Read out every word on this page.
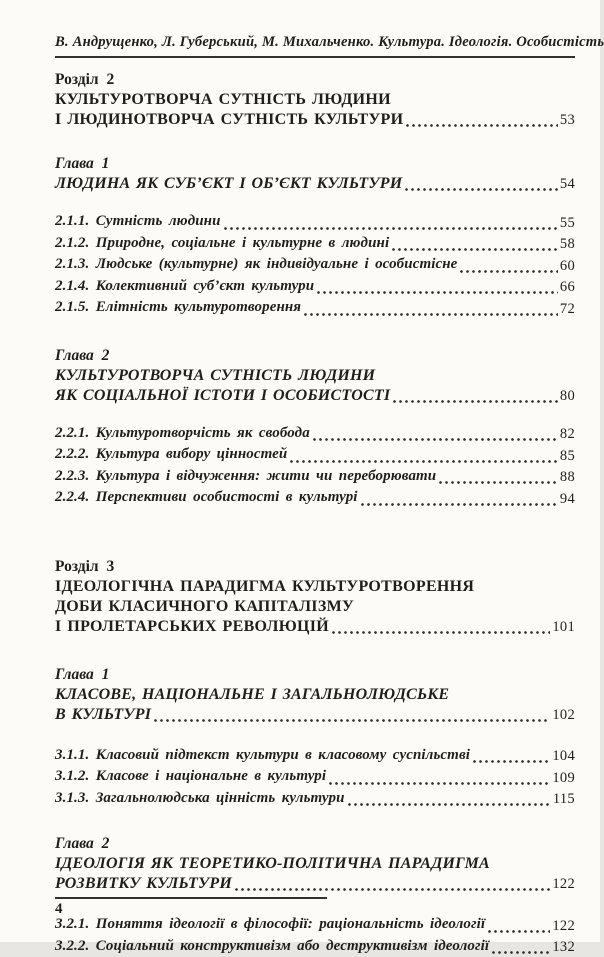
В. Андрущенко, Л. Губерський, М. Михальченко. Культура. Ідеологія. Особистість
Розділ 2
КУЛЬТУРОТВОРЧА СУТНІСТЬ ЛЮДИНИ
І ЛЮДИНОТВОРЧА СУТНІСТЬ КУЛЬТУРИ	53
Глава 1
ЛЮДИНА ЯК СУБ’ЄКТ І ОБ’ЄКТ КУЛЬТУРИ	54
2.1.1. Сутність людини	55
2.1.2. Природне, соціальне і культурне в людині	58
2.1.3. Людське (культурне) як індивідуальне і особистісне	60
2.1.4. Колективний суб’єкт культури	66
2.1.5. Елітність культуротворення	72
Глава 2
КУЛЬТУРОТВОРЧА СУТНІСТЬ ЛЮДИНИ
ЯК СОЦІАЛЬНОЇ ІСТОТИ І ОСОБИСТОСТІ	80
2.2.1. Культуротворчість як свобода	82
2.2.2. Культура вибору цінностей	85
2.2.3. Культура і відчуження: жити чи переборювати	88
2.2.4. Перспективи особистості в культурі	94
Розділ 3
ІДЕОЛОГІЧНА ПАРАДИГМА КУЛЬТУРОТВОРЕННЯ
ДОБИ КЛАСИЧНОГО КАПІТАЛІЗМУ
І ПРОЛЕТАРСЬКИХ РЕВОЛЮЦІЙ	101
Глава 1
КЛАСОВЕ, НАЦІОНАЛЬНЕ І ЗАГАЛЬНОЛЮДСЬКЕ
В КУЛЬТУРІ	102
3.1.1. Класовий підтекст культури в класовому суспільстві	104
3.1.2. Класове і національне в культурі	109
3.1.3. Загальнолюдська цінність культури	115
Глава 2
ІДЕОЛОГІЯ ЯК ТЕОРЕТИКО-ПОЛІТИЧНА ПАРАДИГМА
РОЗВИТКУ КУЛЬТУРИ	122
3.2.1. Поняття ідеології в філософії: раціональність ідеології	122
3.2.2. Соціальний конструктивізм або деструктивізм ідеології	132
4
